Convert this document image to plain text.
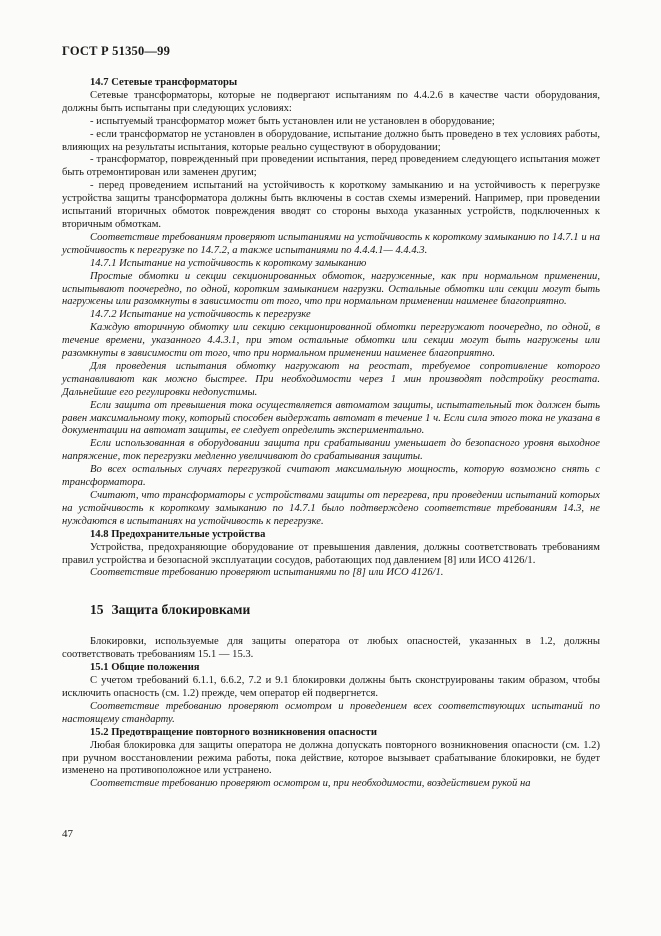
ГОСТ Р 51350—99

14.7 Сетевые трансформаторы

Сетевые трансформаторы, которые не подвергают испытаниям по 4.4.2.6 в качестве части оборудования, должны быть испытаны при следующих условиях:

- испытуемый трансформатор может быть установлен или не установлен в оборудование;

- если трансформатор не установлен в оборудование, испытание должно быть проведено в тех условиях работы, влияющих на результаты испытания, которые реально существуют в оборудовании;

- трансформатор, поврежденный при проведении испытания, перед проведением следующего испытания может быть отремонтирован или заменен другим;

- перед проведением испытаний на устойчивость к короткому замыканию и на устойчивость к перегрузке устройства защиты трансформатора должны быть включены в состав схемы измерений. Например, при проведении испытаний вторичных обмоток повреждения вводят со стороны выхода указанных устройств, подключенных к вторичным обмоткам.

Соответствие требованиям проверяют испытаниями на устойчивость к короткому замыканию по 14.7.1 и на устойчивость к перегрузке по 14.7.2, а также испытаниями по 4.4.4.1— 4.4.4.3.

14.7.1 Испытание на устойчивость к короткому замыканию

Простые обмотки и секции секционированных обмоток, нагруженные, как при нормальном применении, испытывают поочередно, по одной, коротким замыканием нагрузки. Остальные обмотки или секции могут быть нагружены или разомкнуты в зависимости от того, что при нормальном применении наименее благоприятно.

14.7.2 Испытание на устойчивость к перегрузке

Каждую вторичную обмотку или секцию секционированной обмотки перегружают поочередно, по одной, в течение времени, указанного 4.4.3.1, при этом остальные обмотки или секции могут быть нагружены или разомкнуты в зависимости от того, что при нормальном применении наименее благоприятно.

Для проведения испытания обмотку нагружают на реостат, требуемое сопротивление которого устанавливают как можно быстрее. При необходимости через 1 мин производят подстройку реостата. Дальнейшие его регулировки недопустимы.

Если защита от превышения тока осуществляется автоматом защиты, испытательный ток должен быть равен максимальному току, который способен выдержать автомат в течение 1 ч. Если сила этого тока не указана в документации на автомат защиты, ее следует определить экспериментально.

Если использованная в оборудовании защита при срабатывании уменьшает до безопасного уровня выходное напряжение, ток перегрузки медленно увеличивают до срабатывания защиты.

Во всех остальных случаях перегрузкой считают максимальную мощность, которую возможно снять с трансформатора.

Считают, что трансформаторы с устройствами защиты от перегрева, при проведении испытаний которых на устойчивость к короткому замыканию по 14.7.1 было подтверждено соответствие требованиям 14.3, не нуждаются в испытаниях на устойчивость к перегрузке.

14.8 Предохранительные устройства

Устройства, предохраняющие оборудование от превышения давления, должны соответствовать требованиям правил устройства и безопасной эксплуатации сосудов, работающих под давлением [8] или ИСО 4126/1.

Соответствие требованию проверяют испытаниями по [8] или ИСО 4126/1.

15 Защита блокировками

Блокировки, используемые для защиты оператора от любых опасностей, указанных в 1.2, должны соответствовать требованиям 15.1 — 15.3.

15.1 Общие положения

С учетом требований 6.1.1, 6.6.2, 7.2 и 9.1 блокировки должны быть сконструированы таким образом, чтобы исключить опасность (см. 1.2) прежде, чем оператор ей подвергнется.

Соответствие требованию проверяют осмотром и проведением всех соответствующих испытаний по настоящему стандарту.

15.2 Предотвращение повторного возникновения опасности

Любая блокировка для защиты оператора не должна допускать повторного возникновения опасности (см. 1.2) при ручном восстановлении режима работы, пока действие, которое вызывает срабатывание блокировки, не будет изменено на противоположное или устранено.

Соответствие требованию проверяют осмотром и, при необходимости, воздействием рукой на

47
